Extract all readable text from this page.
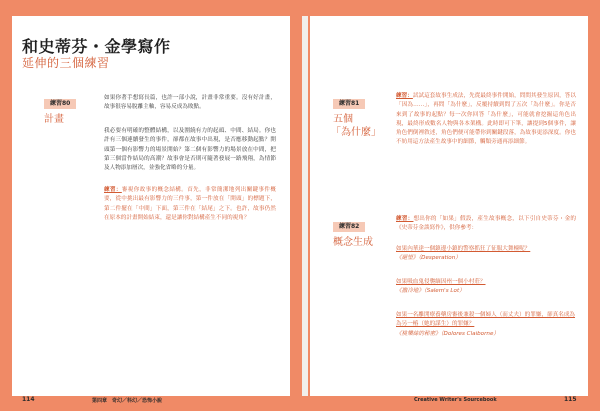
和史蒂芬・金學寫作
延伸的三個練習
練習80
計畫
如果你著手想寫長篇，也許一部小說，計畫非常重要。沒有好計畫，故事很容易脫離主軸，容易反成為敗點。
我必要有明確的整體結構，以及圍繞有力的起頭、中間、結局。你也許有三個連續發生的事件，卻都在故事中出現，是否應移動起點？開頭第一個有影響力的場景開始？第二個有影響力的場景放在中間，把第三個當作結局的高潮？故事會是否則可隨著發展一路飛翔，為情節及人物添加層次，並強化省略的分量。
練習：審視你故事的概念結構。首先，非常簡潔地列出關鍵事件概要，從中挑出最有影響力的三件事，第一件放在「開頭」的標題下，第二件擺在「中間」下面，第三件在「結尾」之下。也許，故事仍然在原本的計畫開始結束，還是讓你對結構產生不同的視角？
114	第四章　奇幻／科幻／恐怖小說
練習81
五個
「為什麼」
練習：試試這套故事生成法，先從最終事件開始，問問其發生原因，答以「因為……」，再問「為什麼」，反覆持續到問了五次「為什麼」。你是否來到了故事的起點？每一次你回答「為什麼」，可能就會挖掘這角色出現，最終形成數名人物與各本架構。此時即可下筆，讓提到5個事件，讓角色們倒裡敘述，角色們便可能帶你到關鍵段落，為故事更添深度。你也不妨用這方法產生故事中的細節，觸類旁通再添細節。
練習82
概念生成
練習：想出你的「如果」假設，產生故事概念，以下引自史蒂芬・金的《史蒂芬金談寫作》，供你參考：
如果內華達一個鎮邊小鎮的警察抓狂了征服大舞檯呢？
《絕望》（Desperation）
如果吸血鬼侵襲緬因州一個小村莊？
《撒冷地》（Salem's Lot）
如果一名離開療養藥房審後兼殺一個婦人（而丈夫）的罪嫌，卻真名成為為另一樁（她的謀生）的罪嫌？
《桃樂絲的秘密》（Dolores Claiborne）
Creative Writer's Sourcebook	115
